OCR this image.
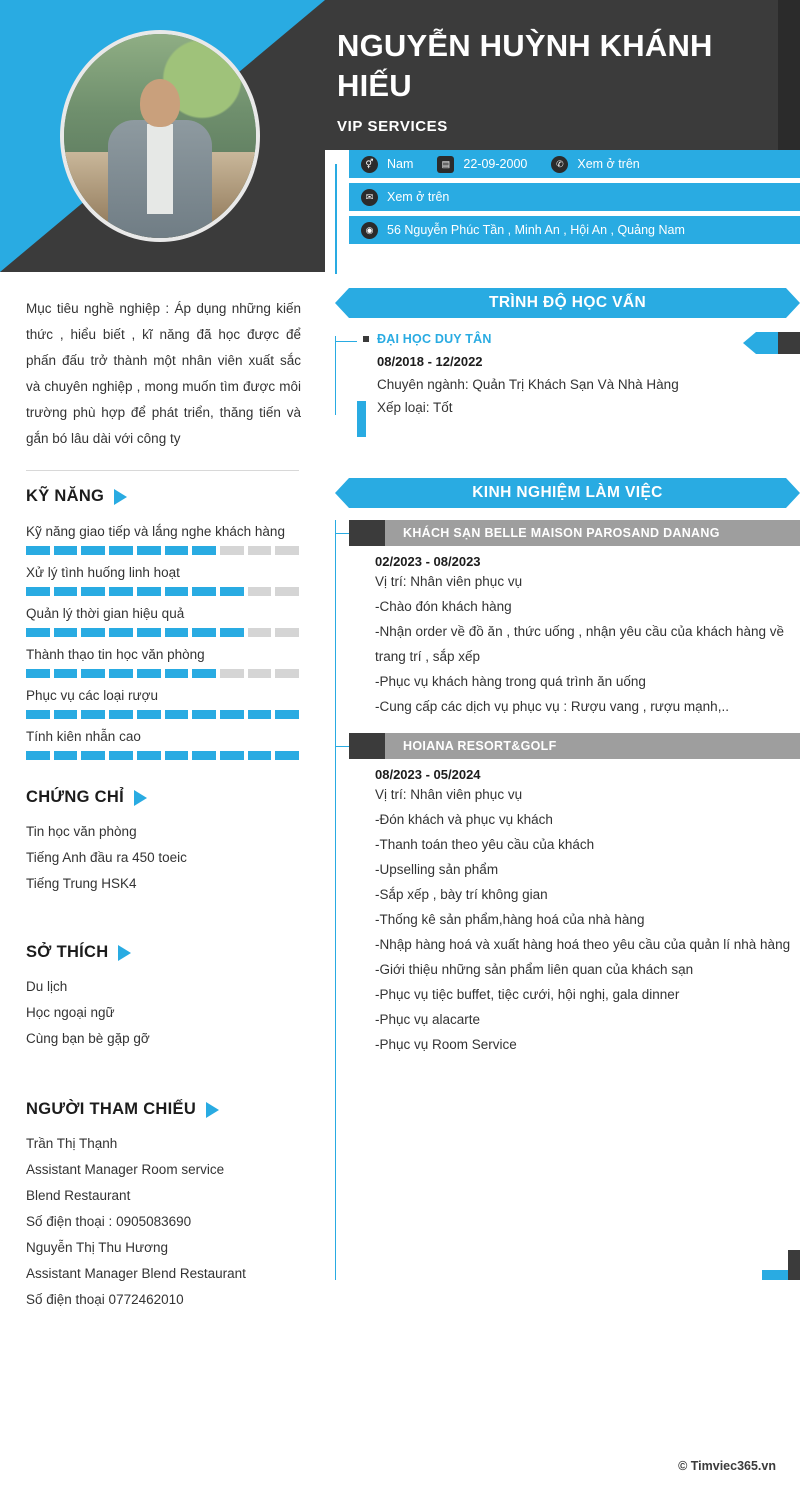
Mục tiêu nghề nghiệp : Áp dụng những kiến thức , hiểu biết , kĩ năng đã học được để phấn đấu trở thành một nhân viên xuất sắc và chuyên nghiệp , mong muốn tìm được môi trường phù hợp để phát triển, thăng tiến và gắn bó lâu dài với công ty

KỸ NĂNG
Kỹ năng giao tiếp và lắng nghe khách hàng
Xử lý tình huống linh hoạt
Quản lý thời gian hiệu quả
Thành thạo tin học văn phòng
Phục vụ các loại rượu
Tính kiên nhẫn cao
CHỨNG CHỈ
Tin học văn phòng
Tiếng Anh đầu ra 450 toeic
Tiếng Trung HSK4
SỞ THÍCH
Du lịch
Học ngoại ngữ
Cùng bạn bè gặp gỡ
NGƯỜI THAM CHIẾU
Trần Thị Thạnh
Assistant Manager Room service
Blend Restaurant
Số điện thoại : 0905083690
Nguyễn Thị Thu Hương
Assistant Manager Blend Restaurant
Số điện thoại 0772462010
NGUYỄN HUỲNH KHÁNH HIẾU
VIP SERVICES
⚥	Nam	▤	22-09-2000	✆	Xem ở trên
✉	Xem ở trên
◉	56 Nguyễn Phúc Tần , Minh An , Hội An , Quảng Nam
TRÌNH ĐỘ HỌC VẤN
ĐẠI HỌC DUY TÂN
08/2018 - 12/2022
Chuyên ngành: Quản Trị Khách Sạn Và Nhà Hàng
Xếp loại: Tốt
KINH NGHIỆM LÀM VIỆC
KHÁCH SẠN BELLE MAISON PAROSAND DANANG
02/2023 - 08/2023
Vị trí: Nhân viên phục vụ
-Chào đón khách hàng
-Nhận order về đồ ăn , thức uống , nhận yêu cầu của khách hàng về trang trí , sắp xếp
-Phục vụ khách hàng trong quá trình ăn uống
-Cung cấp các dịch vụ phục vụ : Rượu vang , rượu mạnh,..
HOIANA RESORT&GOLF
08/2023 - 05/2024
Vị trí: Nhân viên phục vụ
-Đón khách và phục vụ khách
-Thanh toán theo yêu cầu của khách
-Upselling sản phẩm
-Sắp xếp , bày trí không gian
-Thống kê sản phẩm,hàng hoá của nhà hàng
-Nhập hàng hoá và xuất hàng hoá theo yêu cầu của quản lí nhà hàng
-Giới thiệu những sản phẩm liên quan của khách sạn
-Phục vụ tiệc buffet, tiệc cưới, hội nghị, gala dinner
-Phục vụ alacarte
-Phục vụ Room Service
© Timviec365.vn
